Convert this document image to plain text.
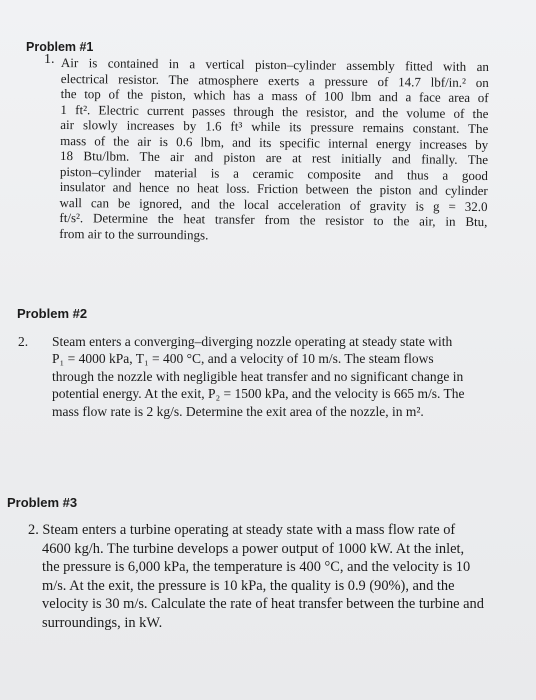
Problem #1
1. Air is contained in a vertical piston–cylinder assembly fitted with an
electrical resistor. The atmosphere exerts a pressure of 14.7 lbf/in.² on
the top of the piston, which has a mass of 100 lbm and a face area of
1 ft². Electric current passes through the resistor, and the volume of the
air slowly increases by 1.6 ft³ while its pressure remains constant. The
mass of the air is 0.6 lbm, and its specific internal energy increases by
18 Btu/lbm. The air and piston are at rest initially and finally. The
piston–cylinder material is a ceramic composite and thus a good
insulator and hence no heat loss. Friction between the piston and cylinder
wall can be ignored, and the local acceleration of gravity is g = 32.0
ft/s². Determine the heat transfer from the resistor to the air, in Btu,
from air to the surroundings.
Problem #2
2. Steam enters a converging–diverging nozzle operating at steady state with
P₁ = 4000 kPa, T₁ = 400 °C, and a velocity of 10 m/s. The steam flows
through the nozzle with negligible heat transfer and no significant change in
potential energy. At the exit, P₂ = 1500 kPa, and the velocity is 665 m/s. The
mass flow rate is 2 kg/s. Determine the exit area of the nozzle, in m².
Problem #3
2. Steam enters a turbine operating at steady state with a mass flow rate of
4600 kg/h. The turbine develops a power output of 1000 kW. At the inlet,
the pressure is 6,000 kPa, the temperature is 400 °C, and the velocity is 10
m/s. At the exit, the pressure is 10 kPa, the quality is 0.9 (90%), and the
velocity is 30 m/s. Calculate the rate of heat transfer between the turbine and
surroundings, in kW.
